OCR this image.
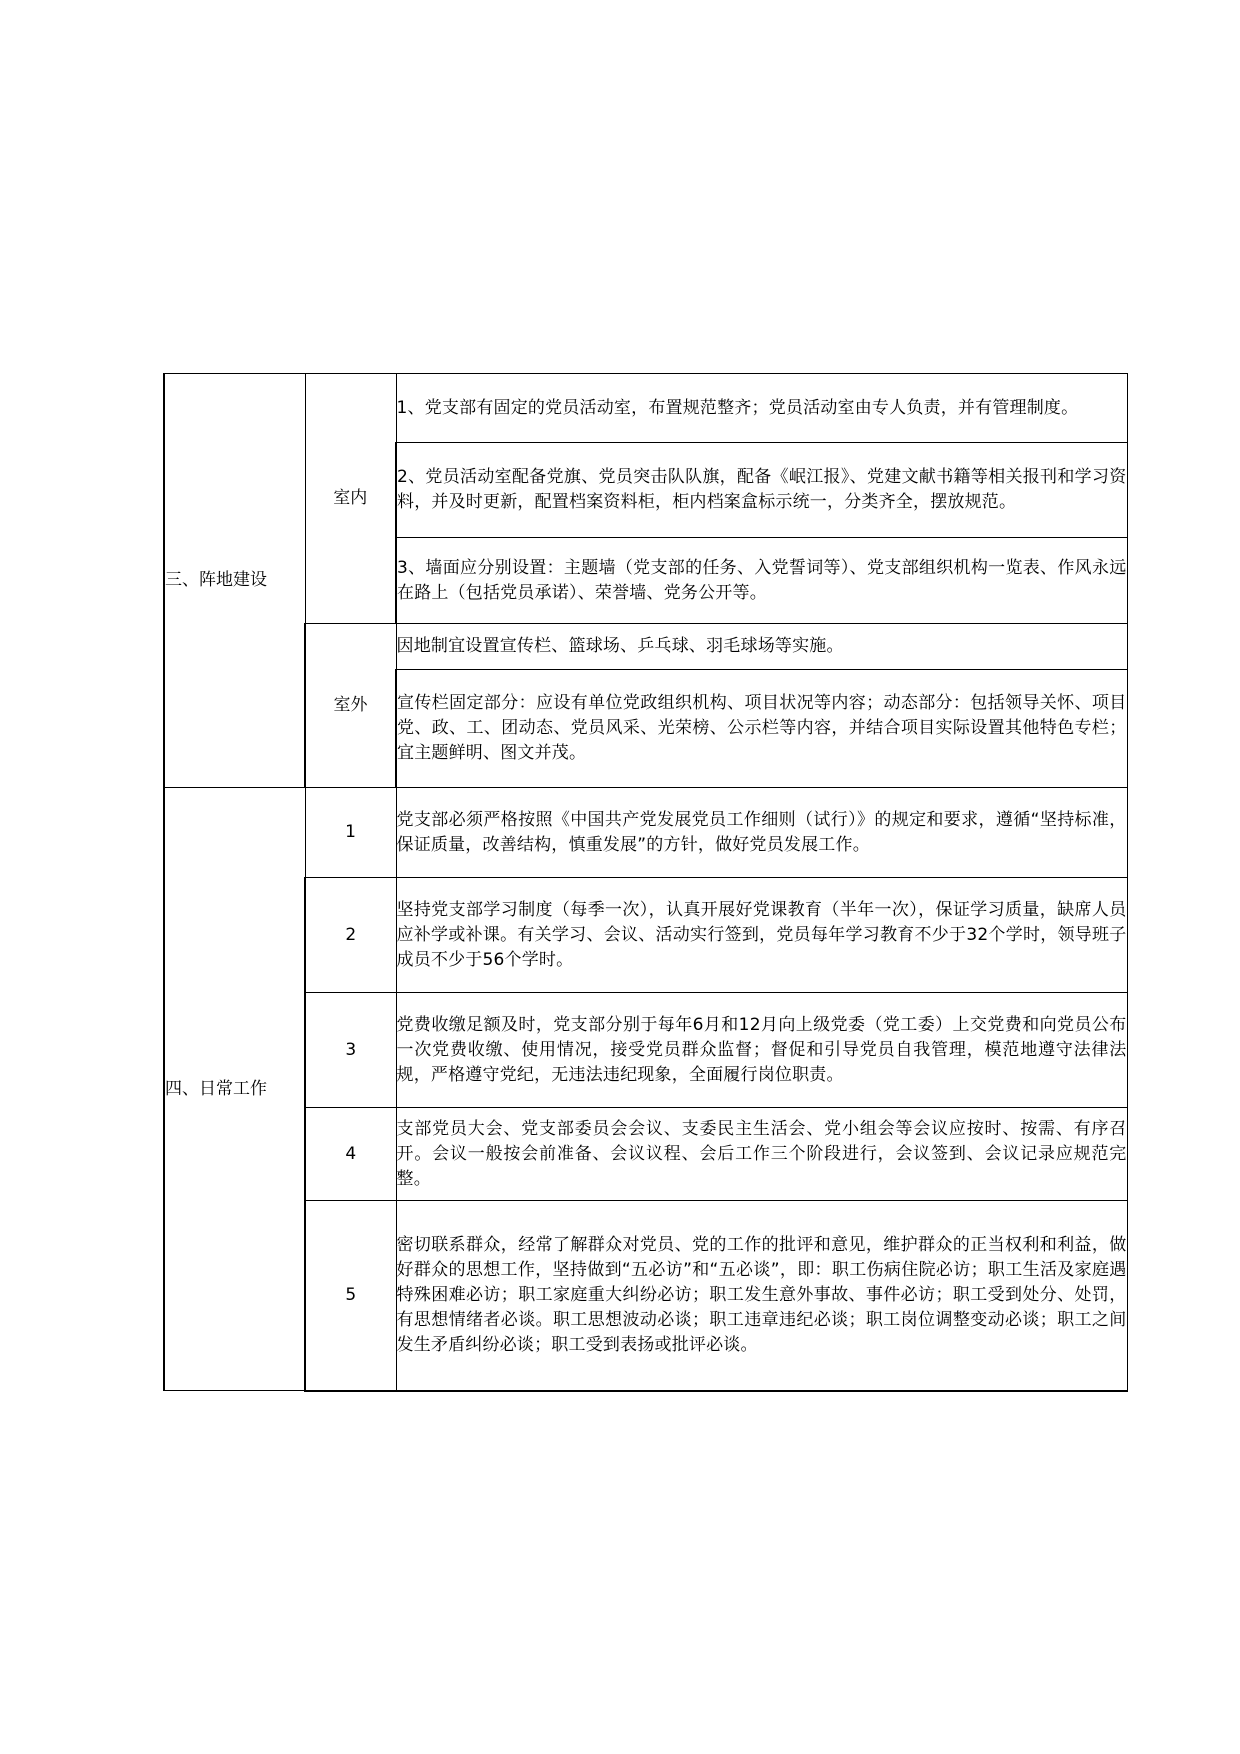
三、阵地建设	室内	1、党支部有固定的党员活动室，布置规范整齐；党员活动室由专人负责，并有管理制度。
		2、党员活动室配备党旗、党员突击队队旗，配备《岷江报》、党建文献书籍等相关报刊和学习资料，并及时更新，配置档案资料柜，柜内档案盒标示统一，分类齐全，摆放规范。
		3、墙面应分别设置：主题墙（党支部的任务、入党誓词等）、党支部组织机构一览表、作风永远在路上（包括党员承诺）、荣誉墙、党务公开等。
	室外	因地制宜设置宣传栏、篮球场、乒乓球、羽毛球场等实施。
		宣传栏固定部分：应设有单位党政组织机构、项目状况等内容；动态部分：包括领导关怀、项目党、政、工、团动态、党员风采、光荣榜、公示栏等内容，并结合项目实际设置其他特色专栏；宜主题鲜明、图文并茂。
四、日常工作	1	党支部必须严格按照《中国共产党发展党员工作细则（试行）》的规定和要求，遵循“坚持标准，保证质量，改善结构，慎重发展”的方针，做好党员发展工作。
	2	坚持党支部学习制度（每季一次），认真开展好党课教育（半年一次），保证学习质量，缺席人员应补学或补课。有关学习、会议、活动实行签到，党员每年学习教育不少于32个学时，领导班子成员不少于56个学时。
	3	党费收缴足额及时，党支部分别于每年6月和12月向上级党委（党工委）上交党费和向党员公布一次党费收缴、使用情况，接受党员群众监督；督促和引导党员自我管理，模范地遵守法律法规，严格遵守党纪，无违法违纪现象，全面履行岗位职责。
	4	支部党员大会、党支部委员会会议、支委民主生活会、党小组会等会议应按时、按需、有序召开。会议一般按会前准备、会议议程、会后工作三个阶段进行，会议签到、会议记录应规范完整。
	5	密切联系群众，经常了解群众对党员、党的工作的批评和意见，维护群众的正当权利和利益，做好群众的思想工作，坚持做到“五必访”和“五必谈”，即：职工伤病住院必访；职工生活及家庭遇特殊困难必访；职工家庭重大纠纷必访；职工发生意外事故、事件必访；职工受到处分、处罚，有思想情绪者必谈。职工思想波动必谈；职工违章违纪必谈；职工岗位调整变动必谈；职工之间发生矛盾纠纷必谈；职工受到表扬或批评必谈。
